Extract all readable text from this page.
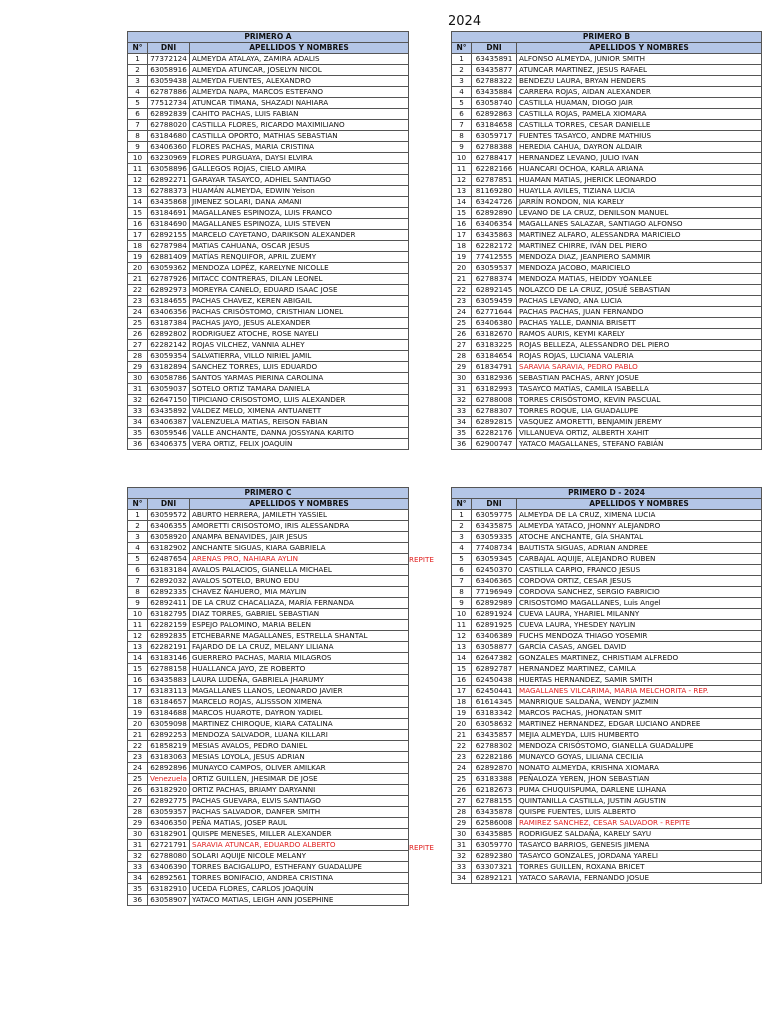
2024
PRIMERO A		
N°	DNI	APELLIDOS Y NOMBRES
1	77372124	ALMEYDA ATALAYA, ZAMIRA ADALIS
2	63058916	ALMEYDA ATUNCAR, JOSELYN NICOL
3	63059438	ALMEYDA FUENTES, ALEXANDRO
4	62787886	ALMEYDA NAPA, MARCOS ESTEFANO
5	77512734	ATUNCAR TIMANA, SHAZADI NAHIARA
6	62892839	CAHITO PACHAS, LUIS FABIAN
7	62788020	CASTILLA FLORES, RICARDO MAXIMILIANO
8	63184680	CASTILLA OPORTO, MATHIAS SEBASTIAN
9	63406360	FLORES PACHAS, MARIA CRISTINA
10	63230969	FLORES PURGUAYA, DAYSI ELVIRA
11	63058896	GALLEGOS ROJAS, CIELO AMIRA
12	62892271	GARAYAR TASAYCO, ADHIEL SANTIAGO
13	62788373	HUAMÁN ALMEYDA, EDWIN Yeison
14	63435868	JIMENEZ SOLARI, DANA AMANI
15	63184691	MAGALLANES ESPINOZA, LUIS FRANCO
16	63184690	MAGALLANES ESPINOZA, LUIS STEVEN
17	62892155	MARCELO CAYETANO, DARIKSON ALEXANDER
18	62787984	MATIAS CAHUANA, OSCAR JESUS
19	62881409	MATÍAS RENQUIFOR, APRIL ZUEMY
20	63059362	MENDOZA LOPÉZ, KARELYNE NICOLLE
21	62787926	MITACC CONTRERAS, DILAN LEONEL
22	62892973	MOREYRA CANELO, EDUARD ISAAC JOSE
23	63184655	PACHAS CHAVEZ, KEREN ABIGAIL
24	63406356	PACHAS CRISÓSTOMO, CRISTHIAN LIONEL
25	63187384	PACHAS JAYO, JESUS ALEXANDER
26	62892802	RODRIGUEZ ATOCHE, ROSE NAYELI
27	62282142	ROJAS VILCHEZ, VANNIA ALHEY
28	63059354	SALVATIERRA, VILLO NIRIEL JAMIL
29	63182894	SANCHEZ TORRES, LUIS EDUARDO
30	63058786	SANTOS YARMAS PIERINA CAROLINA
31	63059037	SOTELO ORTIZ TAMARA DANIELA
32	62647150	TIPICIANO CRISOSTOMO, LUIS ALEXANDER
33	63435892	VALDEZ MELO, XIMENA ANTUANETT
34	63406387	VALENZUELA MATIAS, REISON FABIAN
35	63059546	VALLE ANCHANTE, DANNA JOSSYANA KARITO
36	63406375	VERA ORTIZ, FELIX JOAQUÍN
PRIMERO B		
N°	DNI	APELLIDOS Y NOMBRES
1	63435891	ALFONSO ALMEYDA, JUNIOR SMITH
2	63435877	ATUNCAR MARTINEZ, JESUS RAFAEL
3	62788322	BENDEZU LAURA, BRYAN HENDERS
4	63435884	CARRERA ROJAS, AIDAN ALEXANDER
5	63058740	CASTILLA HUAMAN, DIOGO JAIR
6	62892863	CASTILLA ROJAS, PAMELA XIOMARA
7	63184658	CASTILLA TORRES, CESAR DANIELLE
8	63059717	FUENTES TASAYCO, ANDRE MATHIUS
9	62788388	HEREDIA CAHUA, DAYRON ALDAIR
10	62788417	HERNANDEZ LEVANO, JULIO IVAN
11	62282166	HUANCARI OCHOA, KARLA ARIANA
12	62787851	HUAMAN MATIAS, JHERICK LEONARDO
13	81169280	HUAYLLA AVILES, TIZIANA LUCIA
14	63424726	JARRÍN RONDON, NIA KARELY
15	62892890	LEVANO DE LA CRUZ, DENILSON MANUEL
16	63406354	MAGALLANES SALAZAR, SANTIAGO ALFONSO
17	63435863	MARTINEZ ALFARO, ALESSANDRA MARICIELO
18	62282172	MARTINEZ CHIRRE, IVÁN DEL PIERO
19	77412555	MENDOZA DIAZ, JEANPIERO SAMMIR
20	63059537	MENDOZA JACOBO, MARICIELO
21	62788374	MENDOZA MATIAS, HEIDDY YOANLEE
22	62892145	NOLAZCO DE LA CRUZ, JOSUÉ SEBASTIAN
23	63059459	PACHAS LEVANO, ANA LUCIA
24	62771644	PACHAS PACHAS, JUAN FERNANDO
25	63406380	PACHAS YALLE, DANNIA BRISETT
26	63182670	RAMOS AURIS, KEYMI KARELY
27	63183225	ROJAS BELLEZA, ALESSANDRO DEL PIERO
28	63184654	ROJAS ROJAS, LUCIANA VALERIA
29	61834791	SARAVIA SARAVIA, PEDRO PABLO
30	63182936	SEBASTIAN PACHAS, ARNY JOSUE
31	63182993	TASAYCO MATÍAS, CAMILA ISABELLA
32	62788008	TORRES CRISÓSTOMO, KEVIN PASCUAL
33	62788307	TORRES ROQUE, LIA GUADALUPE
34	62892815	VASQUEZ AMORETTI, BENJAMIN JEREMY
35	62282176	VILLANUEVA ORTIZ, ALBERTH XAHIT
36	62900747	YATACO MAGALLANES, STEFANO FABIÁN
PRIMERO C		
N°	DNI	APELLIDOS Y NOMBRES
1	63059572	ABURTO HERRERA, JAMILETH YASSIEL
2	63406355	AMORETTI CRISOSTOMO, IRIS ALESSANDRA
3	63058920	ANAMPA BENAVIDES, JAIR JESUS
4	63182902	ANCHANTE SIGUAS, KIARA GABRIELA
5	62487654	ARENAS PRO, NAHIARA AYLIN
6	63183184	AVALOS PALACIOS, GIANELLA MICHAEL
7	62892032	AVALOS SOTELO, BRUNO EDU
8	62892335	CHAVEZ ÑAHUERO, MIA MAYLIN
9	62892411	DE LA CRUZ CHACALIAZA, MARÍA FERNANDA
10	63182795	DIAZ TORRES, GABRIEL SEBASTIAN
11	62282159	ESPEJO PALOMINO, MARIA BELEN
12	62892835	ETCHEBARNE MAGALLANES, ESTRELLA SHANTAL
13	62282191	FAJARDO DE LA CRUZ, MELANY LILIANA
14	63183146	GUERRERO PACHAS, MARIA MILAGROS
15	62788158	HUALLANCA JAYO, ZE ROBERTO
16	63435883	LAURA LUDEÑA, GABRIELA JHARUMY
17	63183113	MAGALLANES LLANOS, LEONARDO JAVIER
18	63184657	MARCELO ROJAS, ALISSSON XIMENA
19	63184688	MARCOS HUAROTE, DAYRON YADIEL
20	63059098	MARTINEZ CHIROQUE, KIARA CATALINA
21	62892253	MENDOZA SALVADOR, LUANA KILLARI
22	61858219	MESIAS AVALOS, PEDRO DANIEL
23	63183063	MESIAS LOYOLA, JESUS ADRIAN
24	62892896	MUNAYCO CAMPOS, OLIVER AMILKAR
25	Venezuela	ORTIZ GUILLEN, JHESIMAR DE JOSE
26	63182920	ORTIZ PACHAS, BRIAMY DARYANNI
27	62892775	PACHAS GUEVARA, ELVIS SANTIAGO
28	63059357	PACHAS SALVADOR, DANFER SMITH
29	63406350	PEÑA MATIAS, JOSEP RAUL
30	63182901	QUISPE MENESES, MILLER ALEXANDER
31	62721791	SARAVIA ATUNCAR, EDUARDO ALBERTO
32	62788080	SOLARI AQUIJE NICOLE MELANY
33	63406390	TORRES BACIGALUPO, ESTHEFANY GUADALUPE
34	62892561	TORRES BONIFACIO, ANDREA CRISTINA
35	63182910	UCEDA FLORES, CARLOS JOAQUÍN
36	63058907	YATACO MATIAS, LEIGH ANN JOSEPHINE
REPITE
REPITE
PRIMERO D - 2024		
N°	DNI	APELLIDOS Y NOMBRES
1	63059775	ALMEYDA DE LA CRUZ, XIMENA LUCIA
2	63435875	ALMEYDA YATACO, JHONNY ALEJANDRO
3	63059335	ATOCHE ANCHANTE, GÍA SHANTAL
4	77408734	BAUTISTA SIGUAS, ADRIAN ANDREE
5	63059345	CARBAJAL AQUIJE, ALEJANDRO RUBEN
6	62450370	CASTILLA CARPIO, FRANCO JESUS
7	63406365	CORDOVA ORTIZ, CESAR JESUS
8	77196949	CORDOVA SANCHEZ, SERGIO FABRICIO
9	62892989	CRISOSTOMO MAGALLANES, Luis Angel
10	62891924	CUEVA LAURA, YHARIEL MILANNY
11	62891925	CUEVA LAURA, YHESDEY NAYLIN
12	63406389	FUCHS MENDOZA THIAGO YOSEMIR
13	63058877	GARCÍA CASAS, ANGEL DAVID
14	62647382	GONZALES MARTINEZ, CHRISTIAM ALFREDO
15	62892787	HERNANDEZ MARTINEZ, CAMILA
16	62450438	HUERTAS HERNANDEZ, SAMIR SMITH
17	62450441	MAGALLANES VILCARIMA, MARIA MELCHORITA - REP.
18	61614345	MANRRIQUE SALDAÑA, WENDY JAZMIN
19	63183342	MARCOS PACHAS, JHONATAN SMIT
20	63058632	MARTINEZ HERNANDEZ, EDGAR LUCIANO ANDREE
21	63435857	MEJIA ALMEYDA, LUIS HUMBERTO
22	62788302	MENDOZA CRISÓSTOMO, GIANELLA GUADALUPE
23	62282186	MUNAYCO GOYAS, LILIANA CECILIA
24	62892870	NONATO ALMEYDA, KRISHNA XIOMARA
25	63183388	PEÑALOZA YEREN, JHON SEBASTIAN
26	62182673	PUMA CHUQUISPUMA, DARLENE LUHANA
27	62788155	QUINTANILLA CASTILLA, JUSTIN AGUSTIN
28	63435878	QUISPE FUENTES, LUIS ALBERTO
29	62586008	RAMIREZ SANCHEZ, CESAR SALVADOR - REPITE
30	63435885	RODRIGUEZ SALDAÑA, KARELY SAYU
31	63059770	TASAYCO BARRIOS, GENESIS JIMENA
32	62892380	TASAYCO GONZALES, JORDANA YARELI
33	63307321	TORRES GUILLEN, ROXANA BRICET
34	62892121	YATACO SARAVIA, FERNANDO JOSUE
